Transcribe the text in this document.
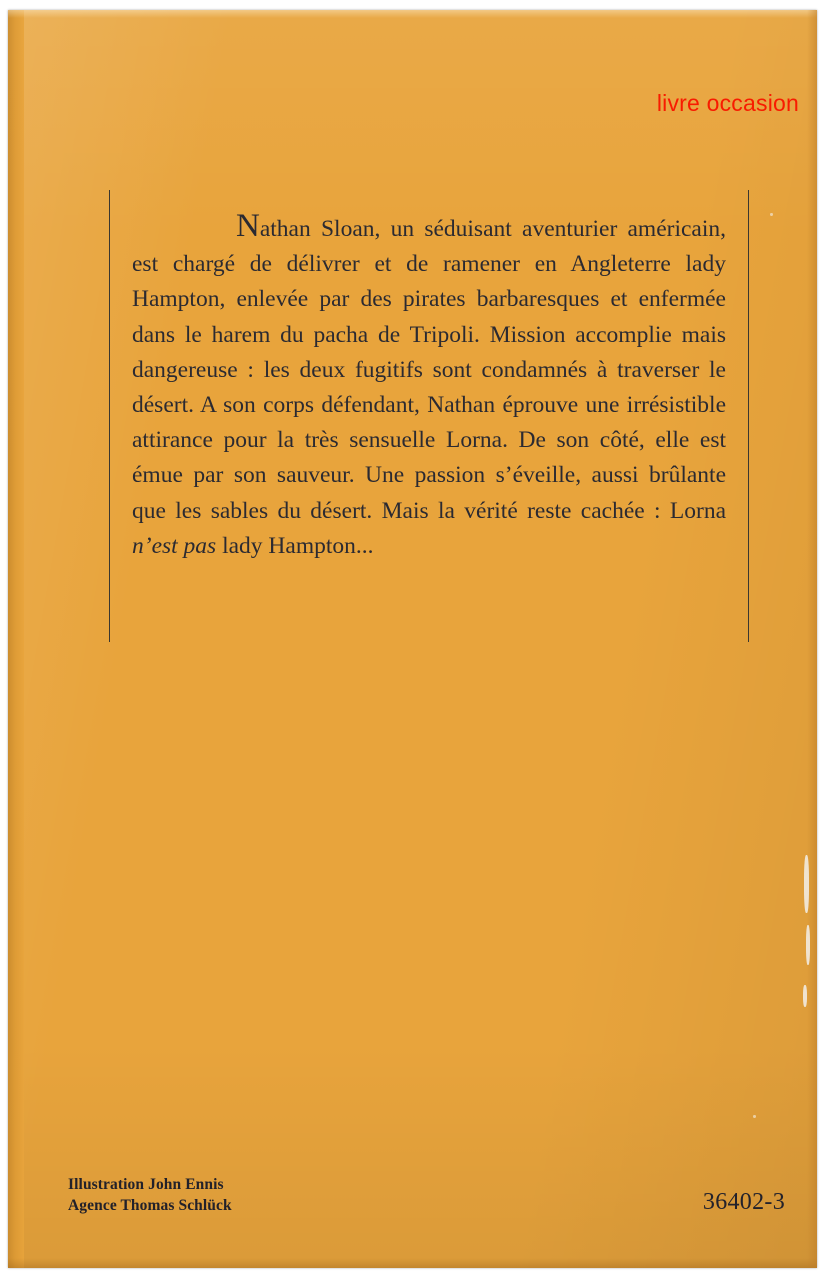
livre occasion

Nathan Sloan, un séduisant aventurier américain, est chargé de délivrer et de ramener en Angleterre lady Hampton, enlevée par des pirates barbaresques et enfermée dans le harem du pacha de Tripoli. Mission accomplie mais dangereuse : les deux fugitifs sont condamnés à traverser le désert. A son corps défendant, Nathan éprouve une irrésistible attirance pour la très sensuelle Lorna. De son côté, elle est émue par son sauveur. Une passion s’éveille, aussi brûlante que les sables du désert. Mais la vérité reste cachée : Lorna n’est pas lady Hampton...

Illustration John Ennis
Agence Thomas Schlück	36402-3
